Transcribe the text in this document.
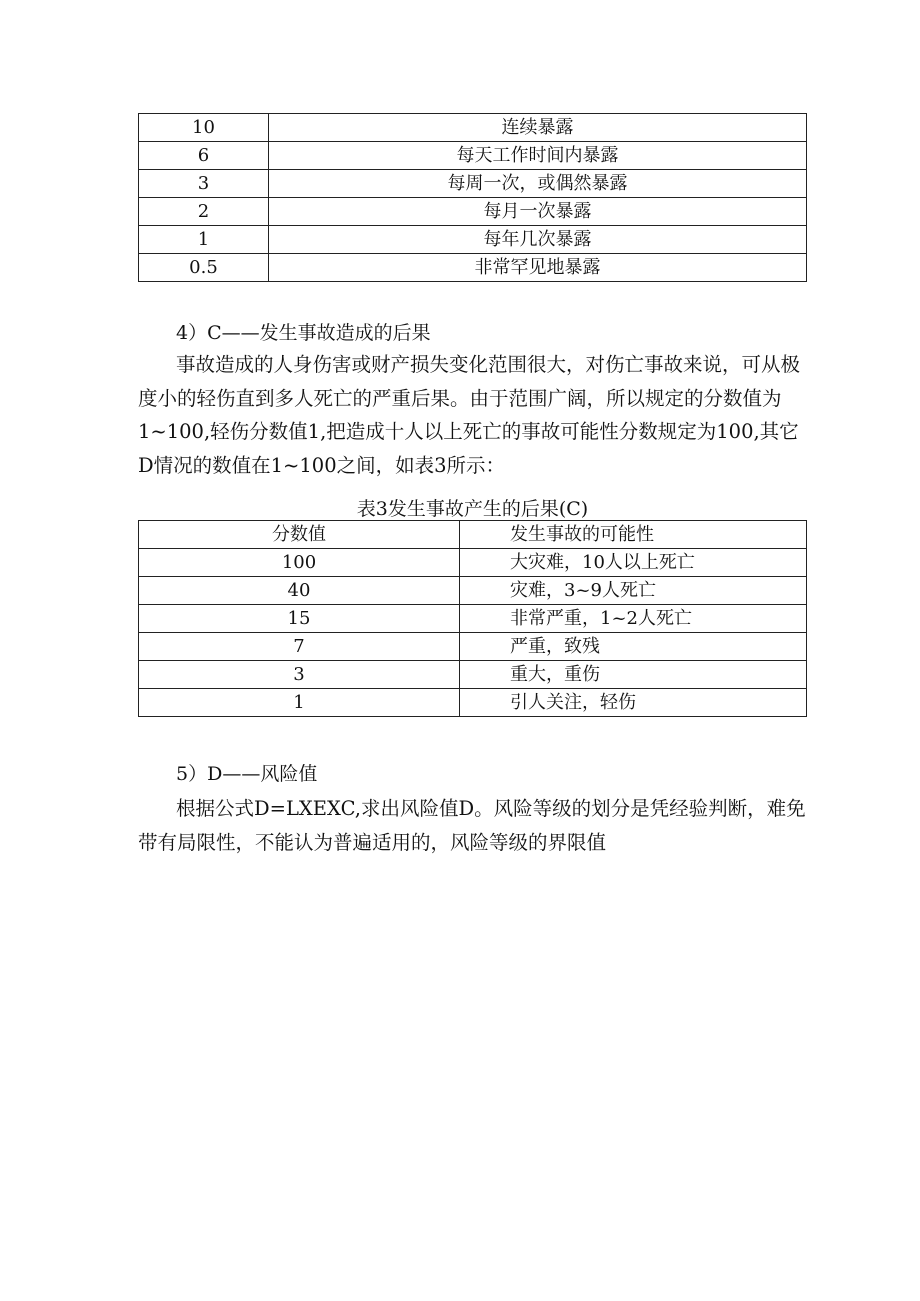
10	连续暴露
6	每天工作时间内暴露
3	每周一次，或偶然暴露
2	每月一次暴露
1	每年几次暴露
0.5	非常罕见地暴露

4）C——发生事故造成的后果

事故造成的人身伤害或财产损失变化范围很大，对伤亡事故来说，可从极度小的轻伤直到多人死亡的严重后果。由于范围广阔，所以规定的分数值为1~100,轻伤分数值1,把造成十人以上死亡的事故可能性分数规定为100,其它D情况的数值在1~100之间，如表3所示：

表3发生事故产生的后果(C)

分数值	发生事故的可能性
100	大灾难，10人以上死亡
40	灾难，3~9人死亡
15	非常严重，1~2人死亡
7	严重，致残
3	重大，重伤
1	引人关注，轻伤

5）D——风险值

根据公式D=LXEXC,求出风险值D。风险等级的划分是凭经验判断，难免带有局限性，不能认为普遍适用的，风险等级的界限值
